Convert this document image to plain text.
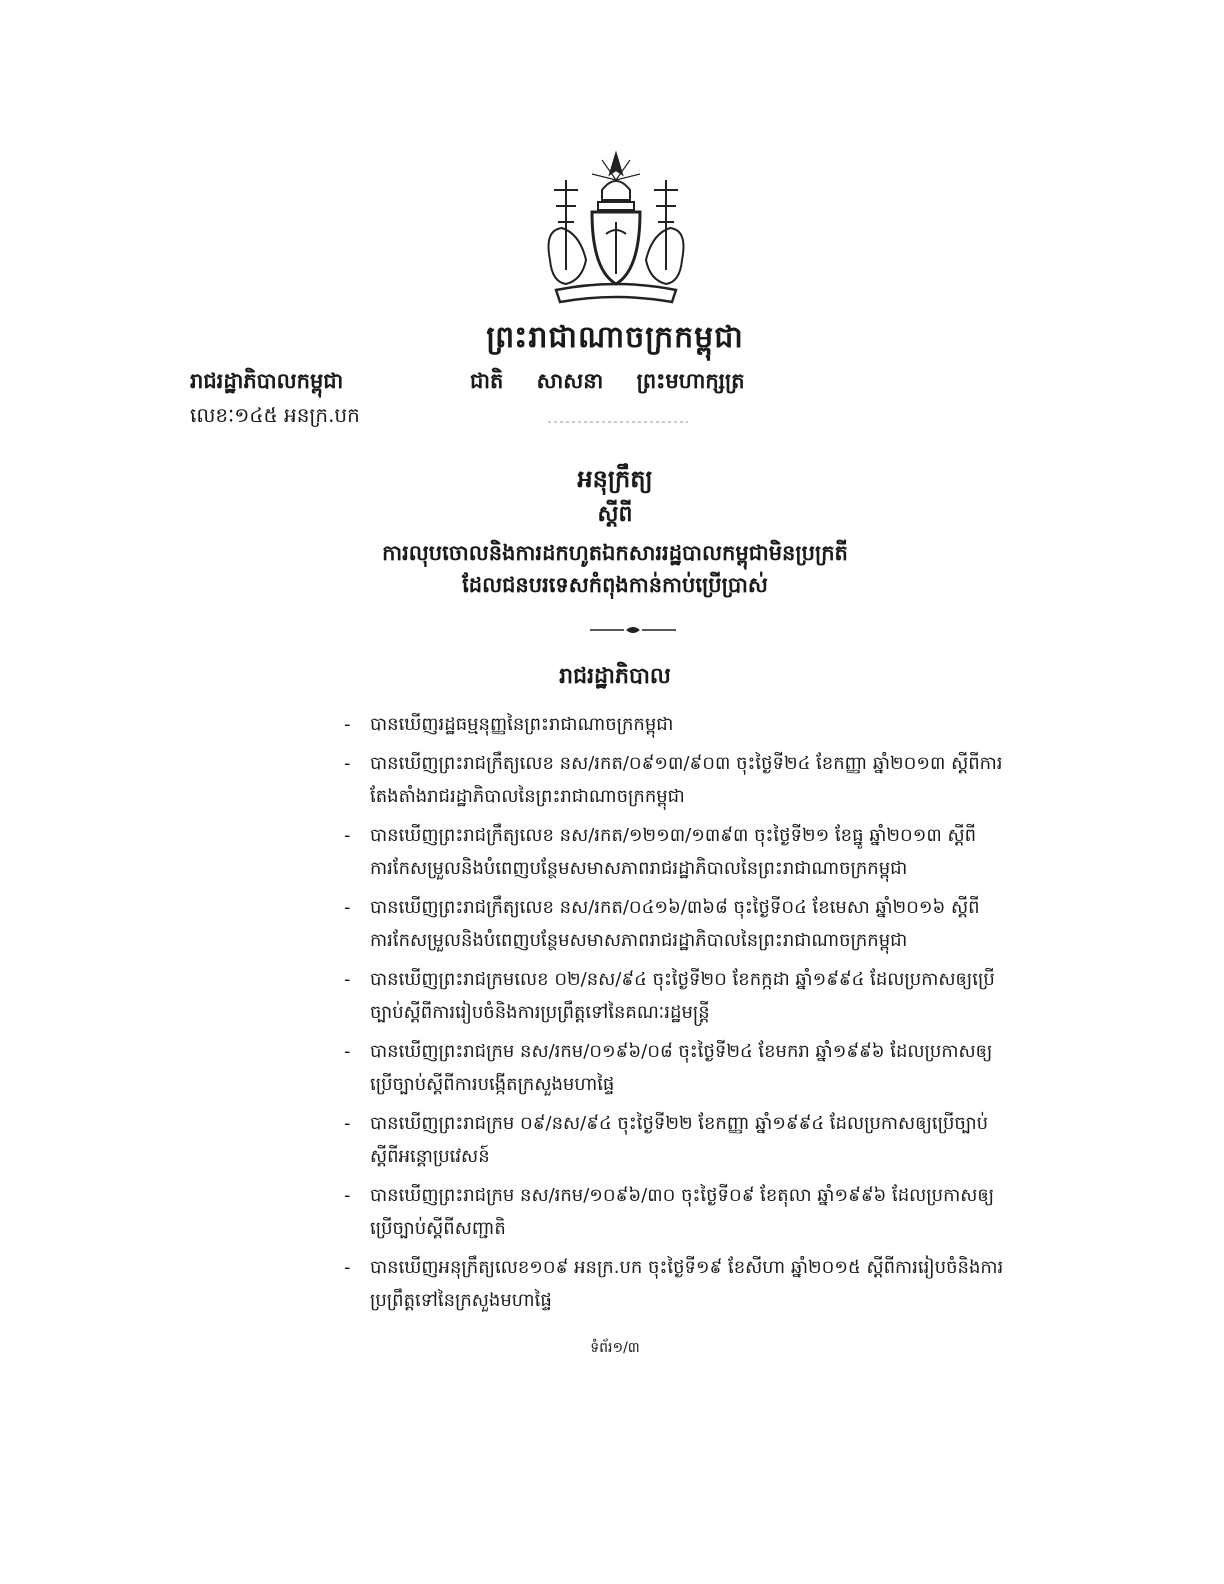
ព្រះរាជាណាចក្រកម្ពុជា
រាជរដ្ឋាភិបាលកម្ពុជា	ជាតិ សាសនា ព្រះមហាក្សត្រ
លេខៈ១៤៥ អនក្រ.បក
អនុក្រឹត្យ
ស្ដីពី
ការលុបចោលនិងការដកហូតឯកសាររដ្ឋបាលកម្ពុជាមិនប្រក្រតី
ដែលជនបរទេសកំពុងកាន់កាប់ប្រើប្រាស់
រាជរដ្ឋាភិបាល
- បានឃើញរដ្ឋធម្មនុញ្ញនៃព្រះរាជាណាចក្រកម្ពុជា
- បានឃើញព្រះរាជក្រឹត្យលេខ នស/រកត/០៩១៣/៩០៣ ចុះថ្ងៃទី២៤ ខែកញ្ញា ឆ្នាំ២០១៣ ស្ដីពីការតែងតាំងរាជរដ្ឋាភិបាលនៃព្រះរាជាណាចក្រកម្ពុជា
- បានឃើញព្រះរាជក្រឹត្យលេខ នស/រកត/១២១៣/១៣៩៣ ចុះថ្ងៃទី២១ ខែធ្នូ ឆ្នាំ២០១៣ ស្ដីពីការកែសម្រួលនិងបំពេញបន្ថែមសមាសភាពរាជរដ្ឋាភិបាលនៃព្រះរាជាណាចក្រកម្ពុជា
- បានឃើញព្រះរាជក្រឹត្យលេខ នស/រកត/០៤១៦/៣៦៨ ចុះថ្ងៃទី០៤ ខែមេសា ឆ្នាំ២០១៦ ស្ដីពីការកែសម្រួលនិងបំពេញបន្ថែមសមាសភាពរាជរដ្ឋាភិបាលនៃព្រះរាជាណាចក្រកម្ពុជា
- បានឃើញព្រះរាជក្រមលេខ ០២/នស/៩៤ ចុះថ្ងៃទី២០ ខែកក្កដា ឆ្នាំ១៩៩៤ ដែលប្រកាសឲ្យប្រើច្បាប់ស្ដីពីការរៀបចំនិងការប្រព្រឹត្តទៅនៃគណៈរដ្ឋមន្ត្រី
- បានឃើញព្រះរាជក្រម នស/រកម/០១៩៦/០៨ ចុះថ្ងៃទី២៤ ខែមករា ឆ្នាំ១៩៩៦ ដែលប្រកាសឲ្យប្រើច្បាប់ស្ដីពីការបង្កើតក្រសួងមហាផ្ទៃ
- បានឃើញព្រះរាជក្រម ០៩/នស/៩៤ ចុះថ្ងៃទី២២ ខែកញ្ញា ឆ្នាំ១៩៩៤ ដែលប្រកាសឲ្យប្រើច្បាប់ស្ដីពីអន្តោប្រវេសន៍
- បានឃើញព្រះរាជក្រម នស/រកម/១០៩៦/៣០ ចុះថ្ងៃទី០៩ ខែតុលា ឆ្នាំ១៩៩៦ ដែលប្រកាសឲ្យប្រើច្បាប់ស្ដីពីសញ្ជាតិ
- បានឃើញអនុក្រឹត្យលេខ១០៩ អនក្រ.បក ចុះថ្ងៃទី១៩ ខែសីហា ឆ្នាំ២០១៥ ស្ដីពីការរៀបចំនិងការប្រព្រឹត្តទៅនៃក្រសួងមហាផ្ទៃ
ទំព័រ១/៣
